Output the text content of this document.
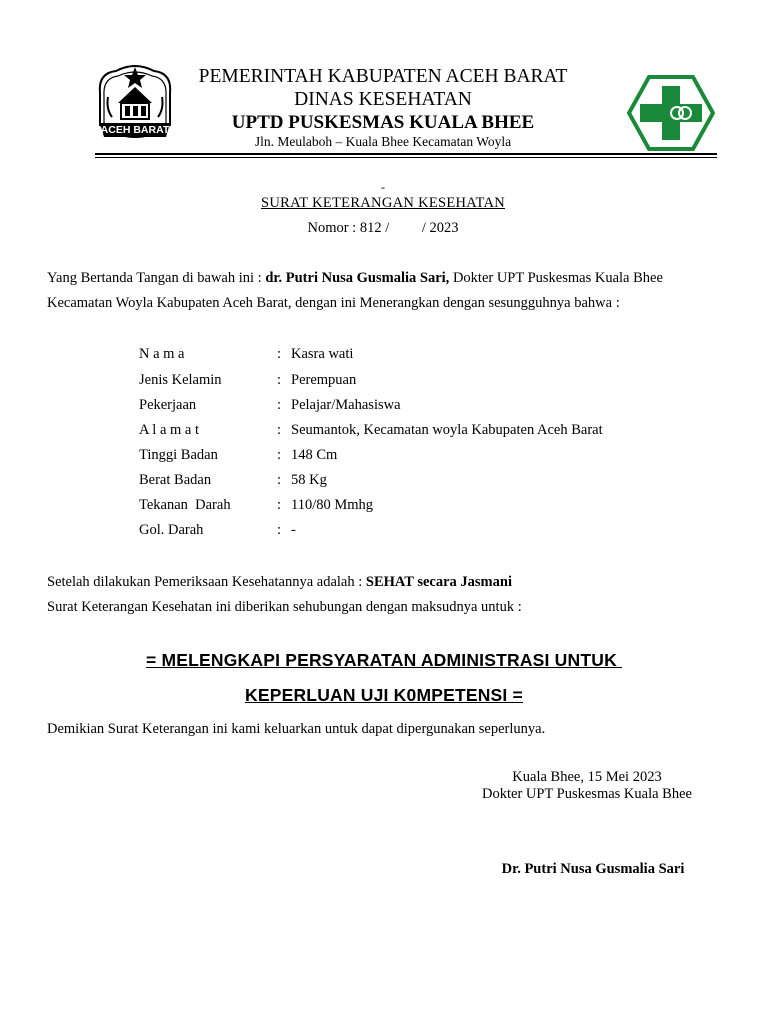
ACEH BARAT
PEMERINTAH KABUPATEN ACEH BARAT
DINAS KESEHATAN
UPTD PUSKESMAS KUALA BHEE
Jln. Meulaboh – Kuala Bhee Kecamatan Woyla
-
SURAT KETERANGAN KESEHATAN
Nomor : 812 /         / 2023
Yang Bertanda Tangan di bawah ini : dr. Putri Nusa Gusmalia Sari, Dokter UPT Puskesmas Kuala Bhee Kecamatan Woyla Kabupaten Aceh Barat, dengan ini Menerangkan dengan sesungguhnya bahwa :
N a m a	: Kasra wati
Jenis Kelamin	: Perempuan
Pekerjaan	: Pelajar/Mahasiswa
A l a m a t	: Seumantok, Kecamatan woyla Kabupaten Aceh Barat
Tinggi Badan	: 148 Cm
Berat Badan	: 58 Kg
Tekanan  Darah	: 110/80 Mmhg
Gol. Darah	: -
Setelah dilakukan Pemeriksaan Kesehatannya adalah : SEHAT secara Jasmani
Surat Keterangan Kesehatan ini diberikan sehubungan dengan maksudnya untuk :
= MELENGKAPI PERSYARATAN ADMINISTRASI UNTUK
KEPERLUAN UJI K0MPETENSI =
Demikian Surat Keterangan ini kami keluarkan untuk dapat dipergunakan seperlunya.
Kuala Bhee, 15 Mei 2023
Dokter UPT Puskesmas Kuala Bhee
Dr. Putri Nusa Gusmalia Sari
